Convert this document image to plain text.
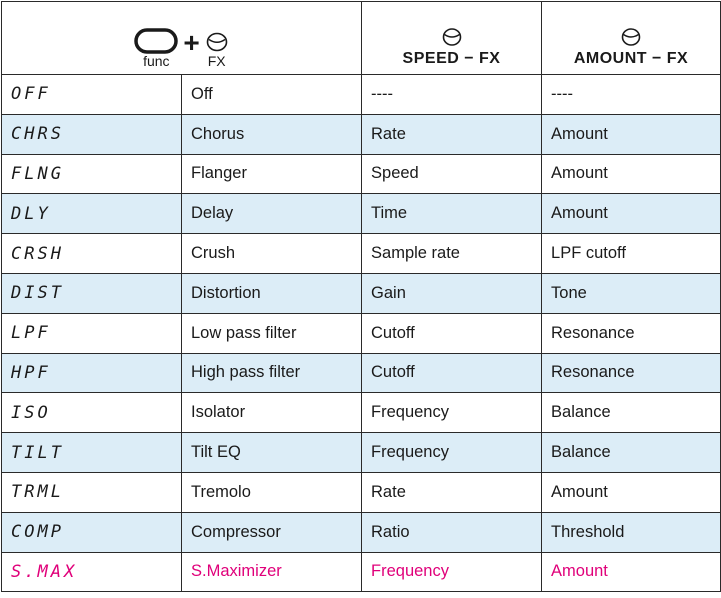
func
+
FX		SPEED − FX	AMOUNT − FX

OFF	Off	----	----
CHRS	Chorus	Rate	Amount
FLNG	Flanger	Speed	Amount
DLY	Delay	Time	Amount
CRSH	Crush	Sample rate	LPF cutoff
DIST	Distortion	Gain	Tone
LPF	Low pass filter	Cutoff	Resonance
HPF	High pass filter	Cutoff	Resonance
ISO	Isolator	Frequency	Balance
TILT	Tilt EQ	Frequency	Balance
TRML	Tremolo	Rate	Amount
COMP	Compressor	Ratio	Threshold
S.MAX	S.Maximizer	Frequency	Amount
